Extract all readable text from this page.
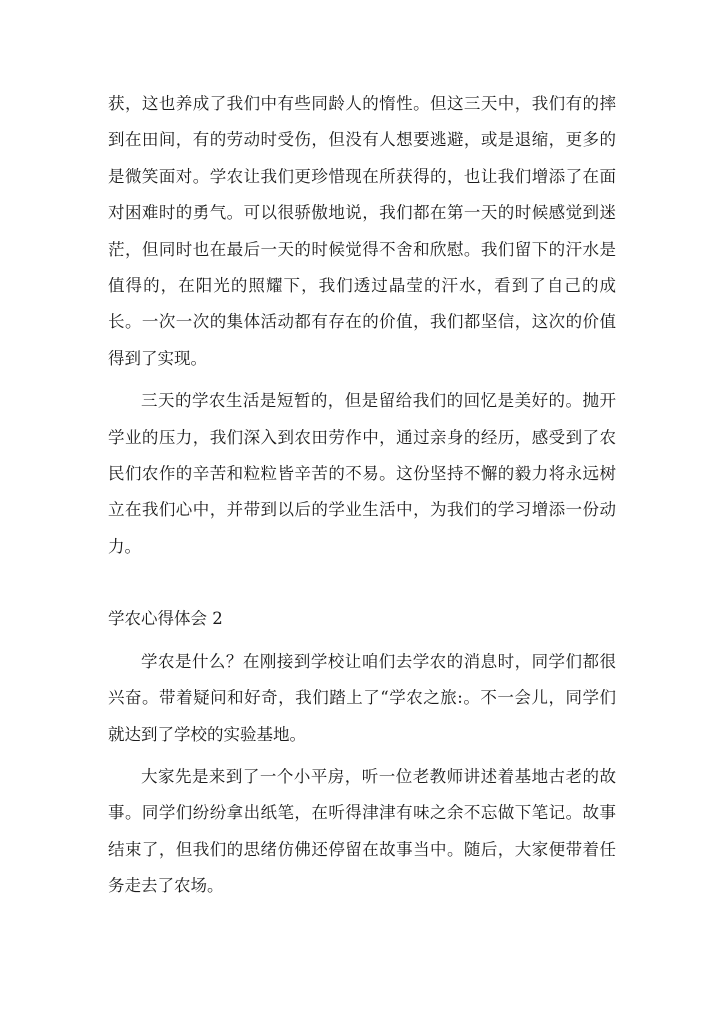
获，这也养成了我们中有些同龄人的惰性。但这三天中，我们有的摔到在田间，有的劳动时受伤，但没有人想要逃避，或是退缩，更多的是微笑面对。学农让我们更珍惜现在所获得的，也让我们增添了在面对困难时的勇气。可以很骄傲地说，我们都在第一天的时候感觉到迷茫，但同时也在最后一天的时候觉得不舍和欣慰。我们留下的汗水是值得的，在阳光的照耀下，我们透过晶莹的汗水，看到了自己的成长。一次一次的集体活动都有存在的价值，我们都坚信，这次的价值得到了实现。

三天的学农生活是短暂的，但是留给我们的回忆是美好的。抛开学业的压力，我们深入到农田劳作中，通过亲身的经历，感受到了农民们农作的辛苦和粒粒皆辛苦的不易。这份坚持不懈的毅力将永远树立在我们心中，并带到以后的学业生活中，为我们的学习增添一份动力。

学农心得体会 2

学农是什么？在刚接到学校让咱们去学农的消息时，同学们都很兴奋。带着疑问和好奇，我们踏上了“学农之旅:。不一会儿，同学们就达到了学校的实验基地。

大家先是来到了一个小平房，听一位老教师讲述着基地古老的故事。同学们纷纷拿出纸笔，在听得津津有味之余不忘做下笔记。故事结束了，但我们的思绪仿佛还停留在故事当中。随后，大家便带着任务走去了农场。
